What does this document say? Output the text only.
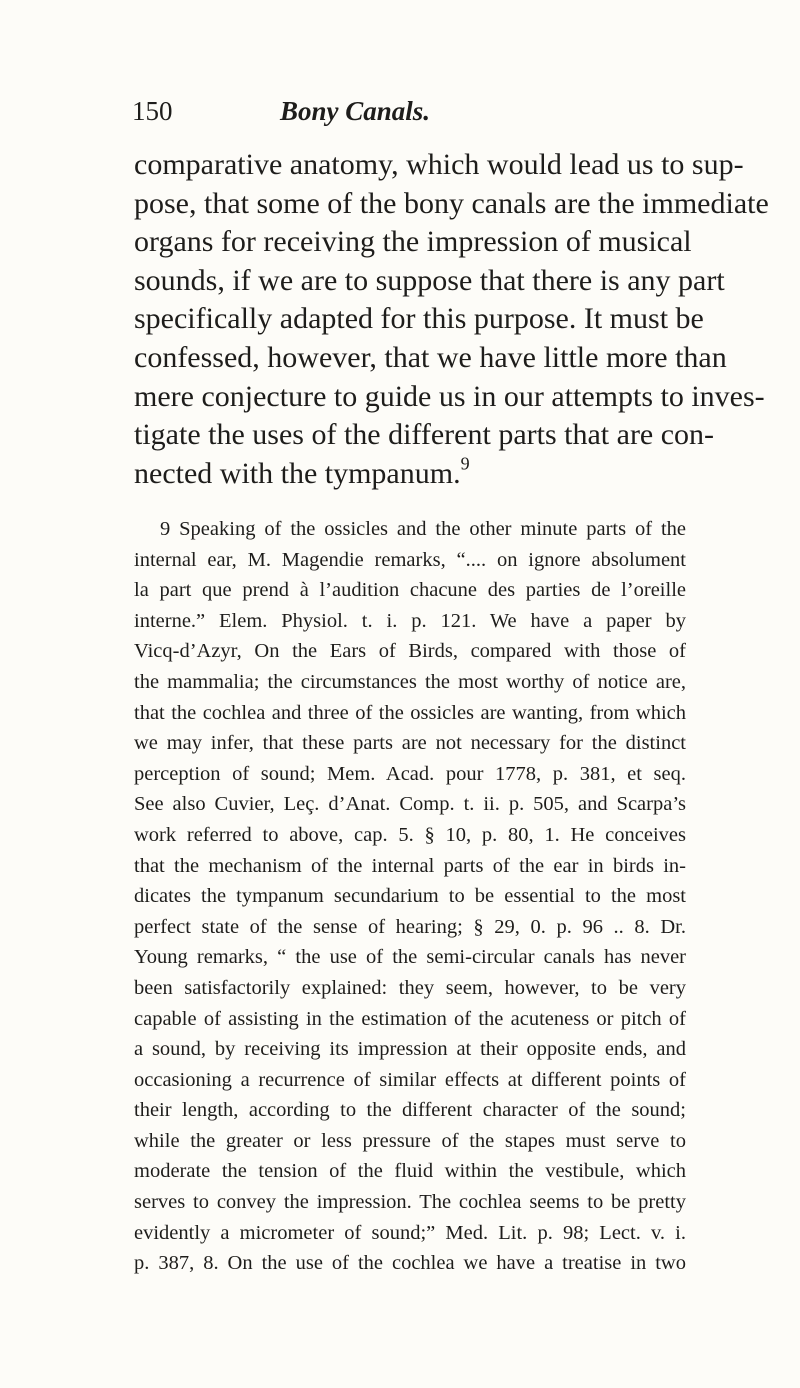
150	Bony Canals.
comparative anatomy, which would lead us to sup-
pose, that some of the bony canals are the immediate
organs for receiving the impression of musical
sounds, if we are to suppose that there is any part
specifically adapted for this purpose. It must be
confessed, however, that we have little more than
mere conjecture to guide us in our attempts to inves-
tigate the uses of the different parts that are con-
nected with the tympanum.$^9$
9 Speaking of the ossicles and the other minute parts of the
internal ear, M. Magendie remarks, “.... on ignore absolument
la part que prend à l’audition chacune des parties de l’oreille
interne.” Elem. Physiol. t. i. p. 121. We have a paper by
Vicq-d’Azyr, On the Ears of Birds, compared with those of
the mammalia; the circumstances the most worthy of notice are,
that the cochlea and three of the ossicles are wanting, from which
we may infer, that these parts are not necessary for the distinct
perception of sound; Mem. Acad. pour 1778, p. 381, et seq.
See also Cuvier, Leç. d’Anat. Comp. t. ii. p. 505, and Scarpa’s
work referred to above, cap. 5. § 10, p. 80, 1. He conceives
that the mechanism of the internal parts of the ear in birds in-
dicates the tympanum secundarium to be essential to the most
perfect state of the sense of hearing; § 29, 0. p. 96 .. 8. Dr.
Young remarks, “ the use of the semi-circular canals has never
been satisfactorily explained: they seem, however, to be very
capable of assisting in the estimation of the acuteness or pitch of
a sound, by receiving its impression at their opposite ends, and
occasioning a recurrence of similar effects at different points of
their length, according to the different character of the sound;
while the greater or less pressure of the stapes must serve to
moderate the tension of the fluid within the vestibule, which
serves to convey the impression. The cochlea seems to be pretty
evidently a micrometer of sound;” Med. Lit. p. 98; Lect. v. i.
p. 387, 8. On the use of the cochlea we have a treatise in two
